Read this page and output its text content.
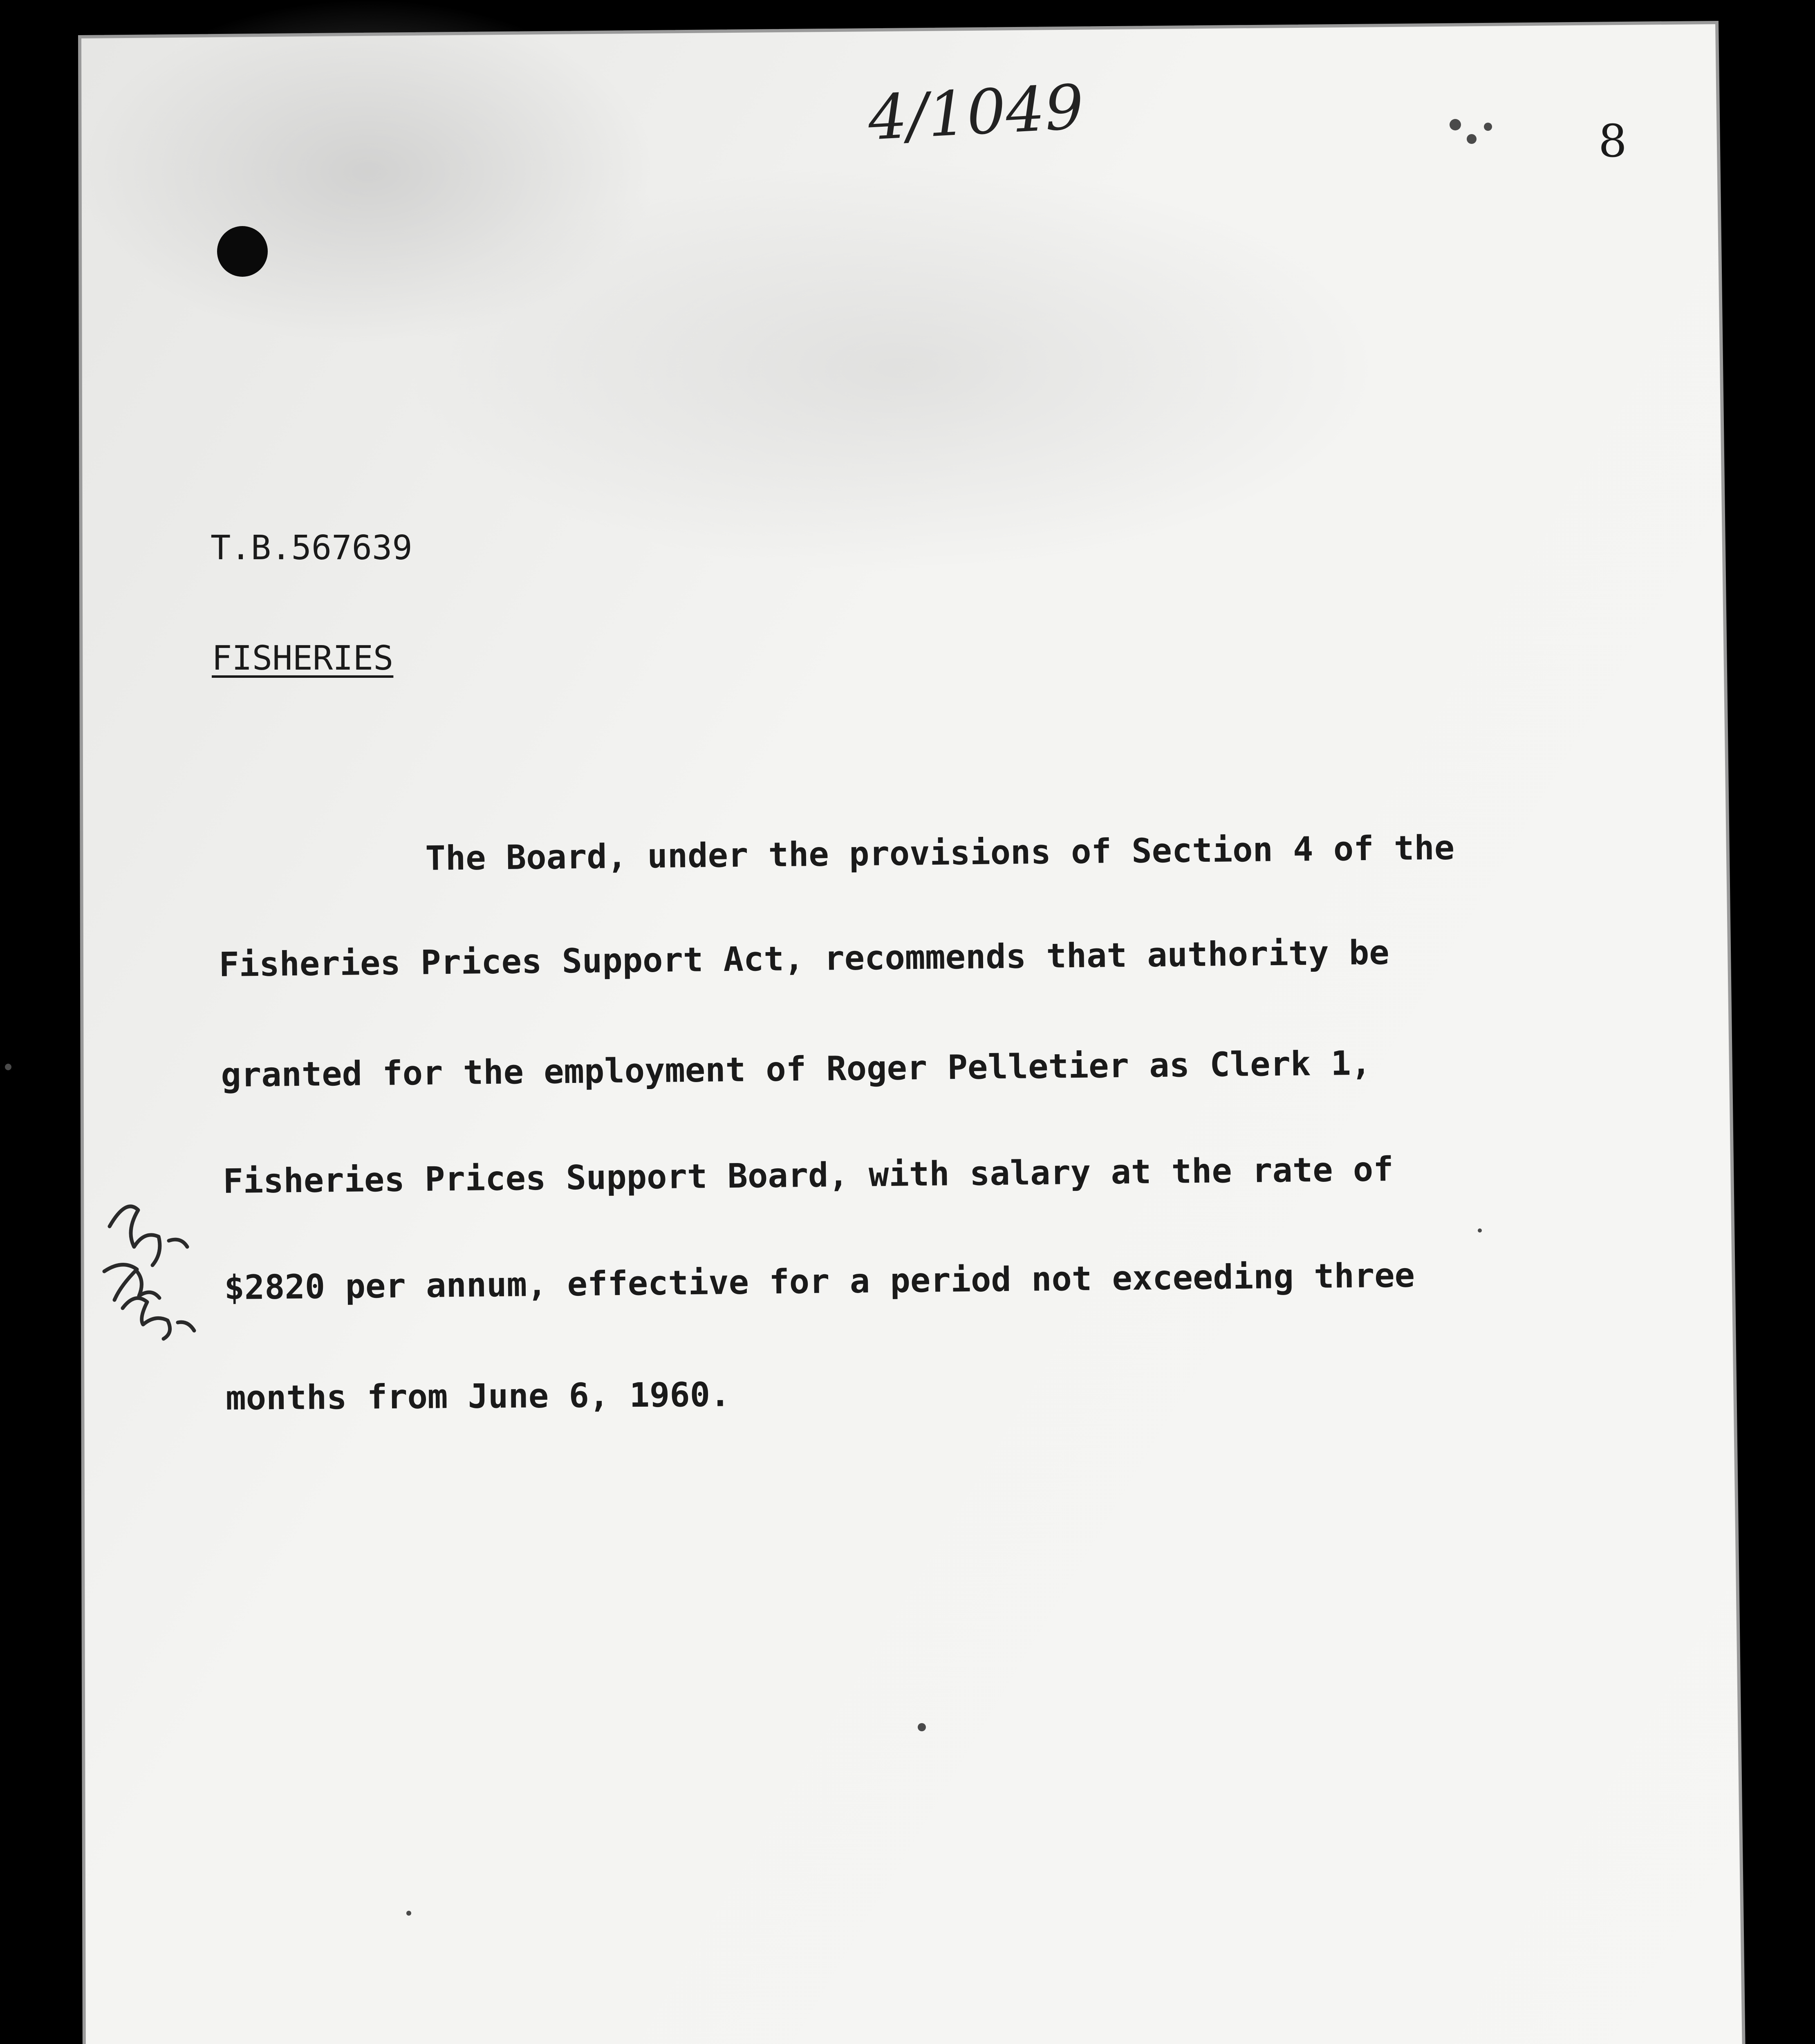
4/1049	8

T.B.567639

FISHERIES

The Board, under the provisions of Section 4 of the

Fisheries Prices Support Act, recommends that authority be

granted for the employment of Roger Pelletier as Clerk 1,

Fisheries Prices Support Board, with salary at the rate of

$2820 per annum, effective for a period not exceeding three

months from June 6, 1960.
